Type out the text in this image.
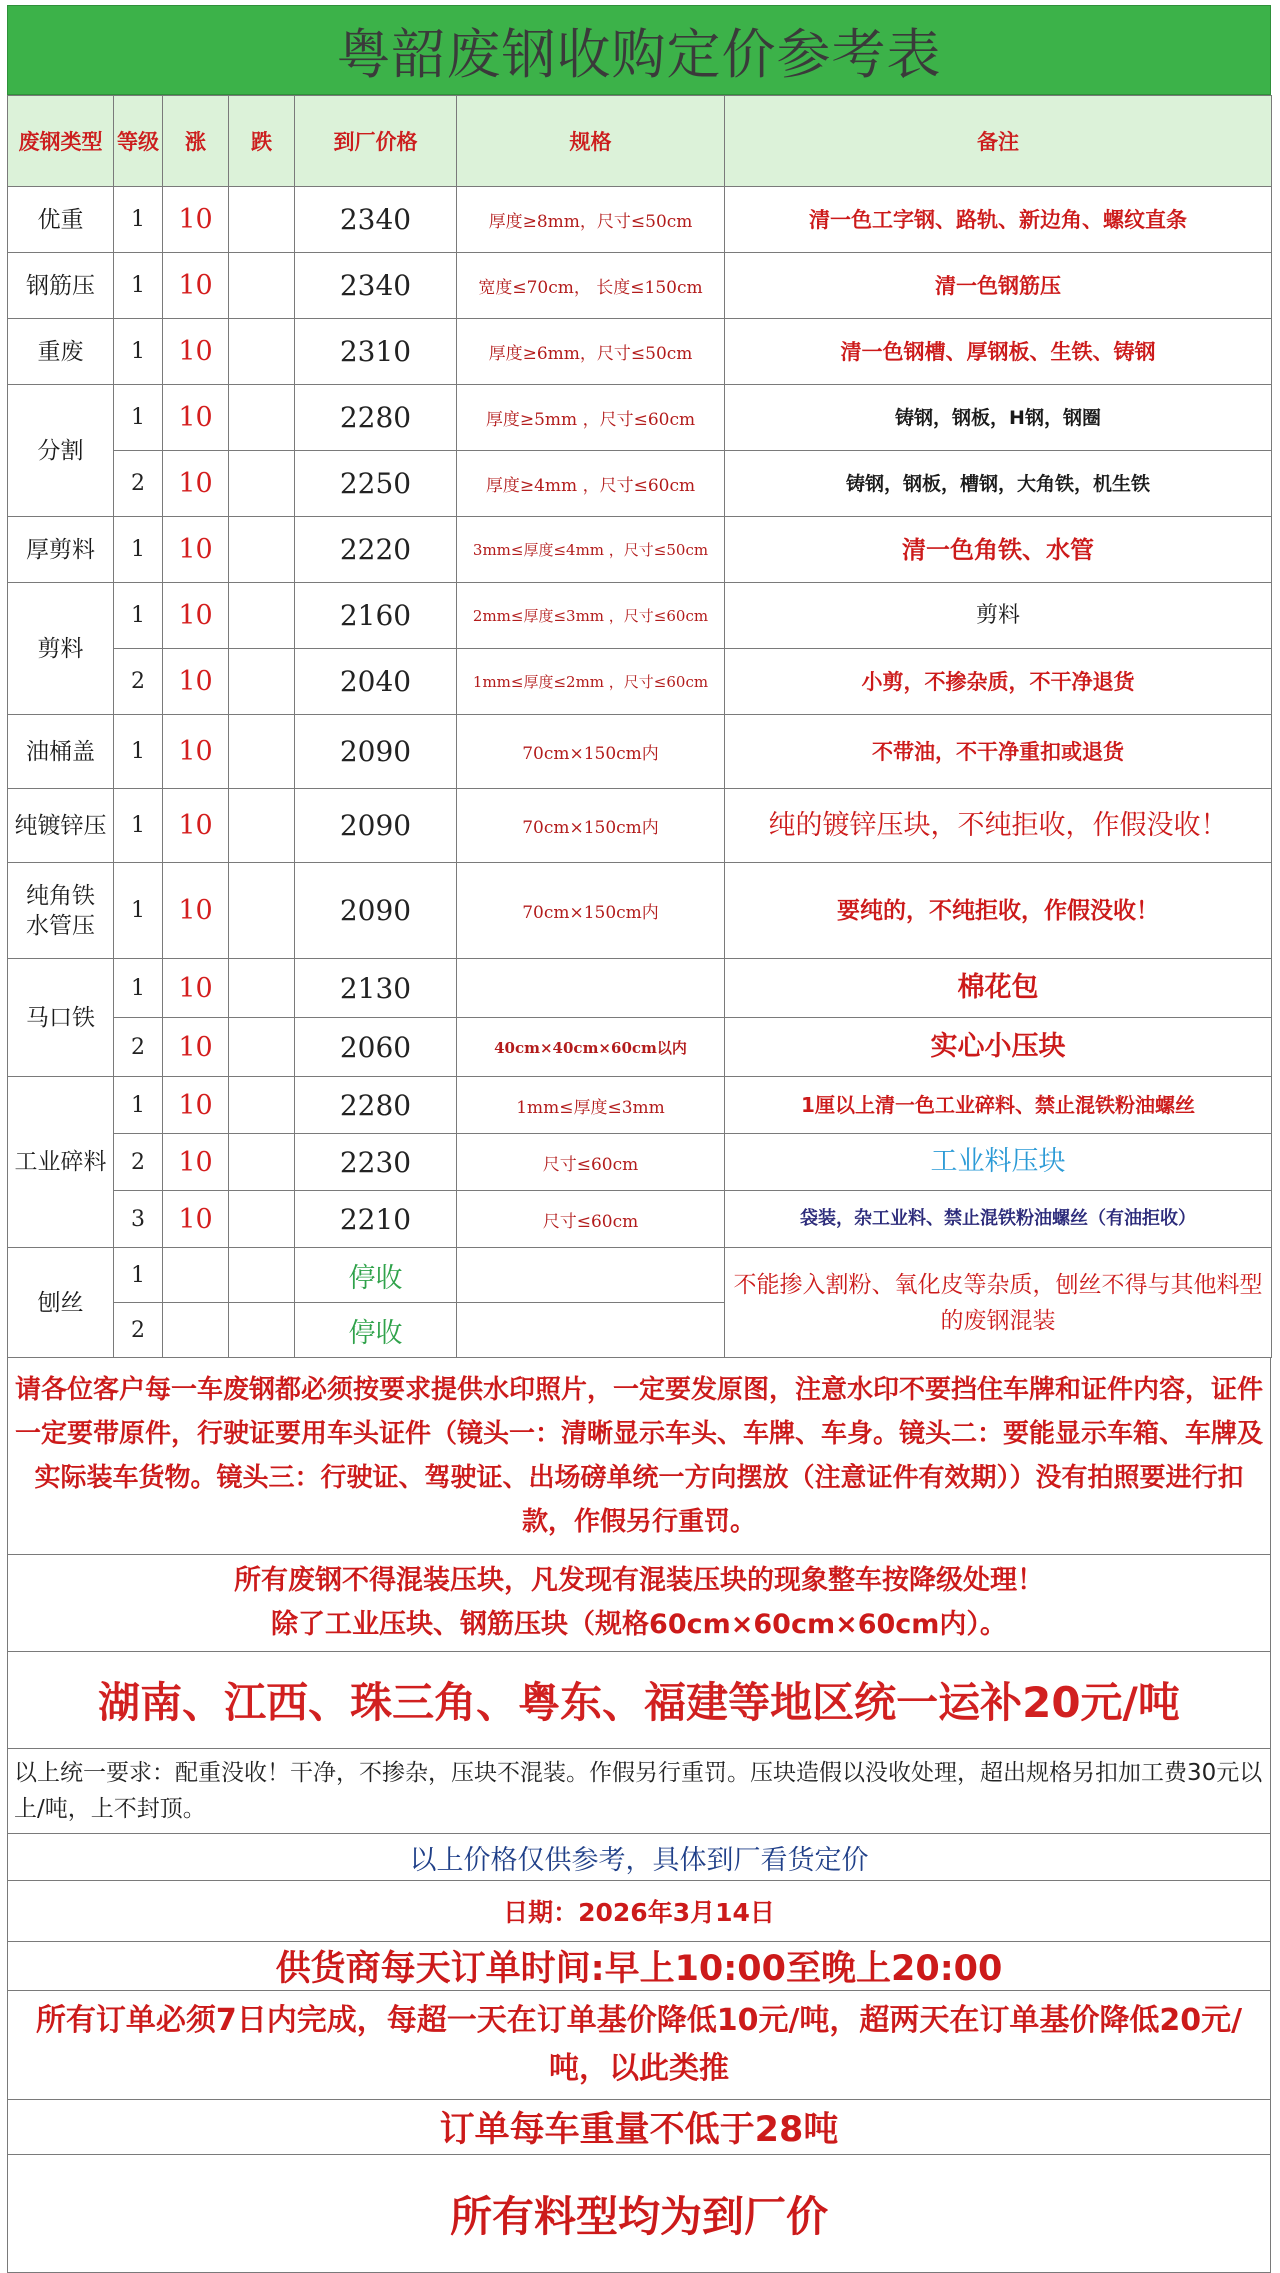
粤韶废钢收购定价参考表
废钢类型	等级	涨	跌	到厂价格	规格	备注
优重	1	10		2340	厚度≥8mm，尺寸≤50cm	清一色工字钢、路轨、新边角、螺纹直条
钢筋压	1	10		2340	宽度≤70cm， 长度≤150cm	清一色钢筋压
重废	1	10		2310	厚度≥6mm，尺寸≤50cm	清一色钢槽、厚钢板、生铁、铸钢
分割	1	10		2280	厚度≥5mm ，尺寸≤60cm	铸钢，钢板，H钢，钢圈
	2	10		2250	厚度≥4mm ，尺寸≤60cm	铸钢，钢板，槽钢，大角铁，机生铁
厚剪料	1	10		2220	3mm≤厚度≤4mm ，尺寸≤50cm	清一色角铁、水管
剪料	1	10		2160	2mm≤厚度≤3mm ，尺寸≤60cm	剪料
	2	10		2040	1mm≤厚度≤2mm ，尺寸≤60cm	小剪，不掺杂质，不干净退货
油桶盖	1	10		2090	70cm×150cm内	不带油，不干净重扣或退货
纯镀锌压	1	10		2090	70cm×150cm内	纯的镀锌压块，不纯拒收，作假没收！
纯角铁
水管压	1	10		2090	70cm×150cm内	要纯的，不纯拒收，作假没收！
马口铁	1	10		2130		棉花包
	2	10		2060	40cm×40cm×60cm以内	实心小压块
工业碎料	1	10		2280	1mm≤厚度≤3mm	1厘以上清一色工业碎料、禁止混铁粉油螺丝
	2	10		2230	尺寸≤60cm	工业料压块
	3	10		2210	尺寸≤60cm	袋装，杂工业料、禁止混铁粉油螺丝（有油拒收）
刨丝	1			停收		不能掺入割粉、氧化皮等杂质，刨丝不得与其他料型的废钢混装
	2			停收		
请各位客户每一车废钢都必须按要求提供水印照片，一定要发原图，注意水印不要挡住车牌和证件内容，证件一定要带原件，行驶证要用车头证件（镜头一：清晰显示车头、车牌、车身。镜头二：要能显示车箱、车牌及实际装车货物。镜头三：行驶证、驾驶证、出场磅单统一方向摆放（注意证件有效期））没有拍照要进行扣款，作假另行重罚。
所有废钢不得混装压块，凡发现有混装压块的现象整车按降级处理！
除了工业压块、钢筋压块（规格60cm×60cm×60cm内）。
湖南、江西、珠三角、粤东、福建等地区统一运补20元/吨
以上统一要求：配重没收！干净，不掺杂，压块不混装。作假另行重罚。压块造假以没收处理，超出规格另扣加工费30元以上/吨，上不封顶。
以上价格仅供参考，具体到厂看货定价
日期：2026年3月14日
供货商每天订单时间:早上10:00至晚上20:00
所有订单必须7日内完成，每超一天在订单基价降低10元/吨，超两天在订单基价降低20元/吨，以此类推
订单每车重量不低于28吨
所有料型均为到厂价
